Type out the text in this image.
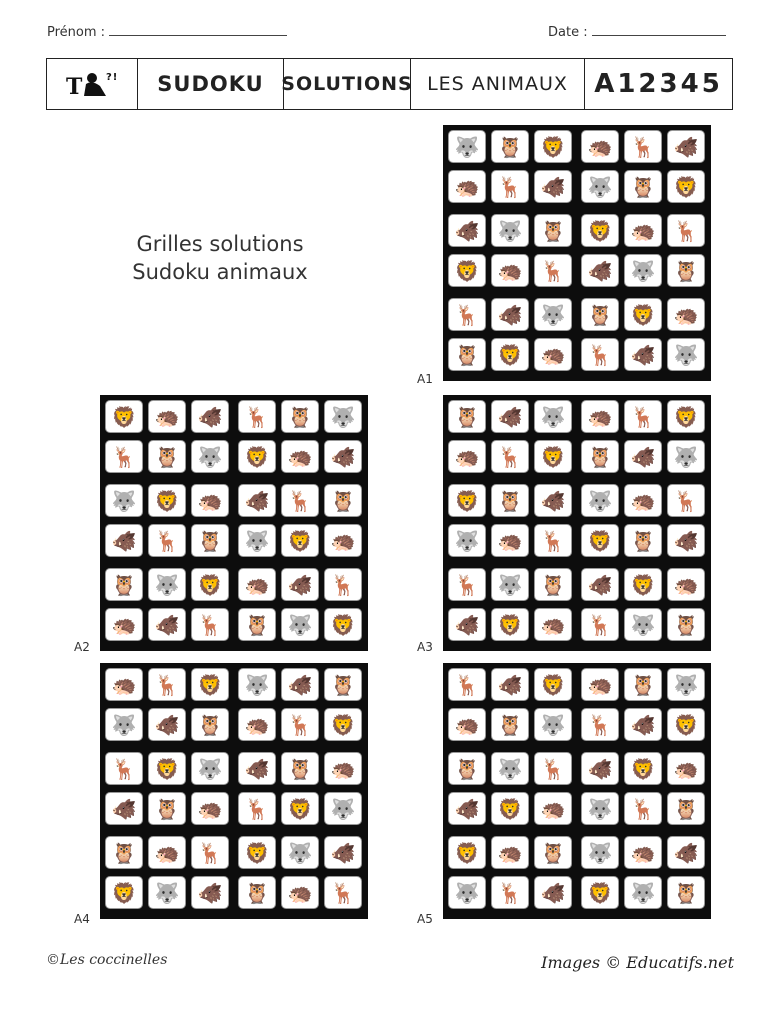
Prénom :	Date :
T ?!	SUDOKU SOLUTIONS LES ANIMAUX	A12345
Grilles solutions
Sudoku animaux
A1
🐺 🦉 🦁	🦔 🦌 🐗
🦔 🦌 🐗	🐺 🦉 🦁
🐗 🐺 🦉	🦁 🦔 🦌
🦁 🦔 🦌	🐗 🐺 🦉
🦌 🐗 🐺	🦉 🦁 🦔
🦉 🦁 🦔	🦌 🐗 🐺
A2
🦁 🦔 🐗	🦌 🦉 🐺
🦌 🦉 🐺	🦁 🦔 🐗
🐺 🦁 🦔	🐗 🦌 🦉
🐗 🦌 🦉	🐺 🦁 🦔
🦉 🐺 🦁	🦔 🐗 🦌
🦔 🐗 🦌	🦉 🐺 🦁
A3
🦉 🐗 🐺	🦔 🦌 🦁
🦔 🦌 🦁	🦉 🐗 🐺
🦁 🦉 🐗	🐺 🦔 🦌
🐺 🦔 🦌	🦁 🦉 🐗
🦌 🐺 🦉	🐗 🦁 🦔
🐗 🦁 🦔	🦌 🐺 🦉
A4
🦔 🦌 🦁	🐺 🐗 🦉
🐺 🐗 🦉	🦔 🦌 🦁
🦌 🦁 🐺	🐗 🦉 🦔
🐗 🦉 🦔	🦌 🦁 🐺
🦉 🦔 🦌	🦁 🐺 🐗
🦁 🐺 🐗	🦉 🦔 🦌
A5
🦌 🐗 🦁	🦔 🦉 🐺
🦔 🦉 🐺	🦌 🐗 🦁
🦉 🐺 🦌	🐗 🦁 🦔
🐗 🦁 🦔	🐺 🦌 🦉
🦁 🦔 🦉	🐺 🦔 🐗
🐺 🦌 🐗	🦁 🐺 🦉
©Les coccinelles	Images © Educatifs.net
